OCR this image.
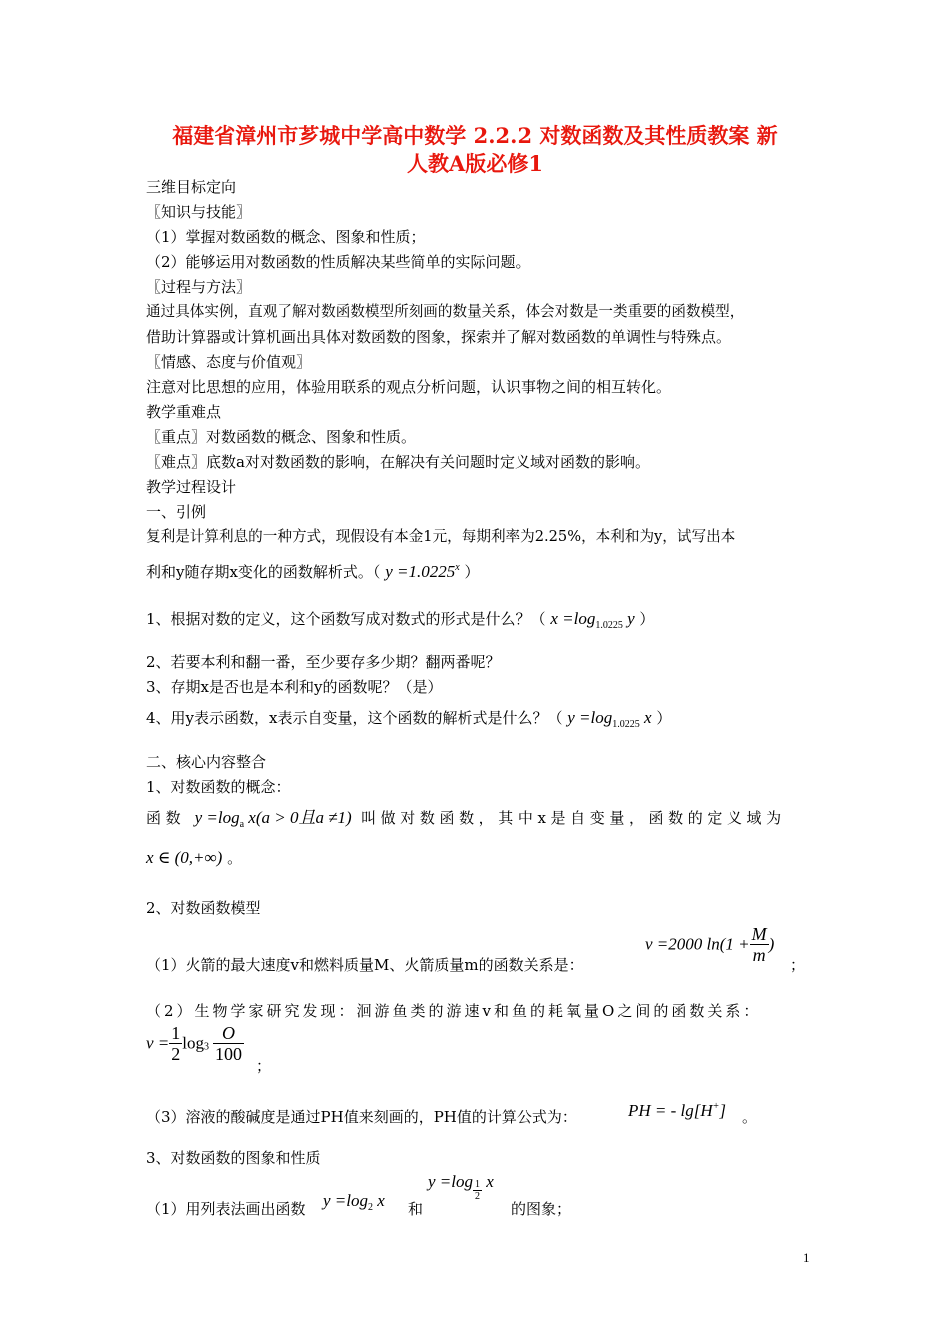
福建省漳州市芗城中学高中数学 2.2.2 对数函数及其性质教案 新
人教A版必修1
三维目标定向
〖知识与技能〗
（1）掌握对数函数的概念、图象和性质；
（2）能够运用对数函数的性质解决某些简单的实际问题。
〖过程与方法〗
通过具体实例，直观了解对数函数模型所刻画的数量关系，体会对数是一类重要的函数模型，
借助计算器或计算机画出具体对数函数的图象，探索并了解对数函数的单调性与特殊点。
〖情感、态度与价值观〗
注意对比思想的应用，体验用联系的观点分析问题，认识事物之间的相互转化。
教学重难点
〖重点〗对数函数的概念、图象和性质。
〖难点〗底数a对对数函数的影响，在解决有关问题时定义域对函数的影响。
教学过程设计
一、引例
复利是计算利息的一种方式，现假设有本金1元，每期利率为2.25%，本利和为y，试写出本
利和y随存期x变化的函数解析式。（ $y =1.0225^x$ ）
1、根据对数的定义，这个函数写成对数式的形式是什么？（ $x =\log_{1.0225}$ y ）
2、若要本利和翻一番，至少要存多少期？翻两番呢？
3、存期x是否也是本利和y的函数呢？（是）
4、用y表示函数，x表示自变量，这个函数的解析式是什么？（ $y =\log_{1.0225}$ x ）
二、核心内容整合
1、对数函数的概念：
函数 $y =\log_a$ x(a > 0且a ≠1) 叫做对数函数，其中x是自变量，函数的定义域为
x ∈ (0,+∞) 。
2、对数函数模型
（1）火箭的最大速度v和燃料质量M、火箭质量m的函数关系是：
v =2000 $\ln(1 + \frac{M}{m}$ )
；
（2）生物学家研究发现：洄游鱼类的游速v和鱼的耗氧量O之间的函数关系：
$v = \frac{1}{2} \log_3 \frac{O}{100}$
；
（3）溶液的酸碱度是通过PH值来刻画的，PH值的计算公式为：	PH = - lg[H+] 。
3、对数函数的图象和性质
（1）用列表法画出函数 $y =\log_2$ x 和
$y =\log \frac{1}{2}$ x
的图象；
1
